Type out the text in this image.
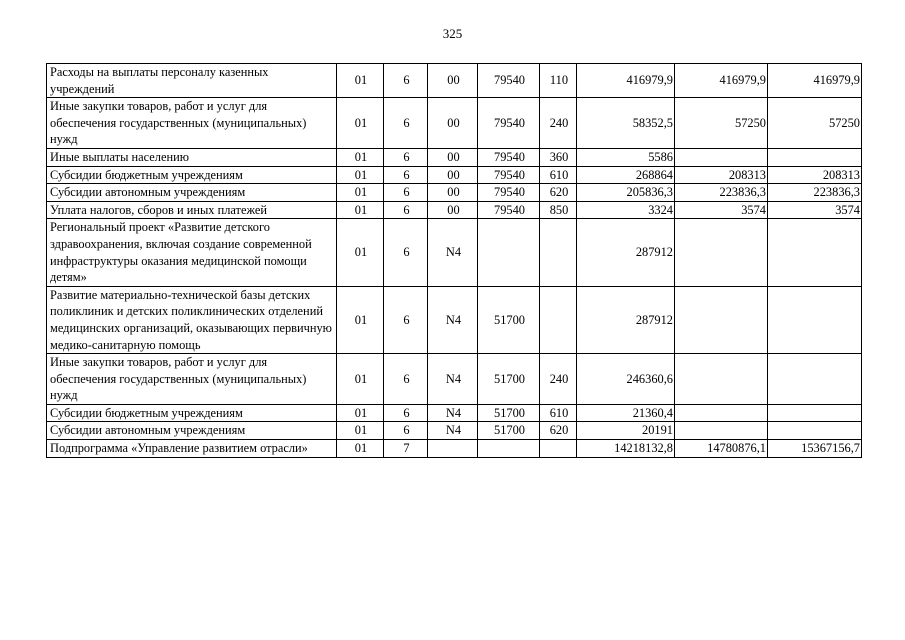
325
Расходы на выплаты персоналу казенных учреждений	01	6	00	79540	110	416979,9	416979,9	416979,9
Иные закупки товаров, работ и услуг для обеспечения государственных (муниципальных) нужд	01	6	00	79540	240	58352,5	57250	57250
Иные выплаты населению	01	6	00	79540	360	5586		
Субсидии бюджетным учреждениям	01	6	00	79540	610	268864	208313	208313
Субсидии автономным учреждениям	01	6	00	79540	620	205836,3	223836,3	223836,3
Уплата налогов, сборов и иных платежей	01	6	00	79540	850	3324	3574	3574
Региональный проект «Развитие детского здравоохранения, включая создание современной инфраструктуры оказания медицинской помощи детям»	01	6	N4			287912		
Развитие материально-технической базы детских поликлиник и детских поликлинических отделений медицинских организаций, оказывающих первичную медико-санитарную помощь	01	6	N4	51700		287912		
Иные закупки товаров, работ и услуг для обеспечения государственных (муниципальных) нужд	01	6	N4	51700	240	246360,6		
Субсидии бюджетным учреждениям	01	6	N4	51700	610	21360,4		
Субсидии автономным учреждениям	01	6	N4	51700	620	20191		
Подпрограмма «Управление развитием отрасли»	01	7				14218132,8	14780876,1	15367156,7
